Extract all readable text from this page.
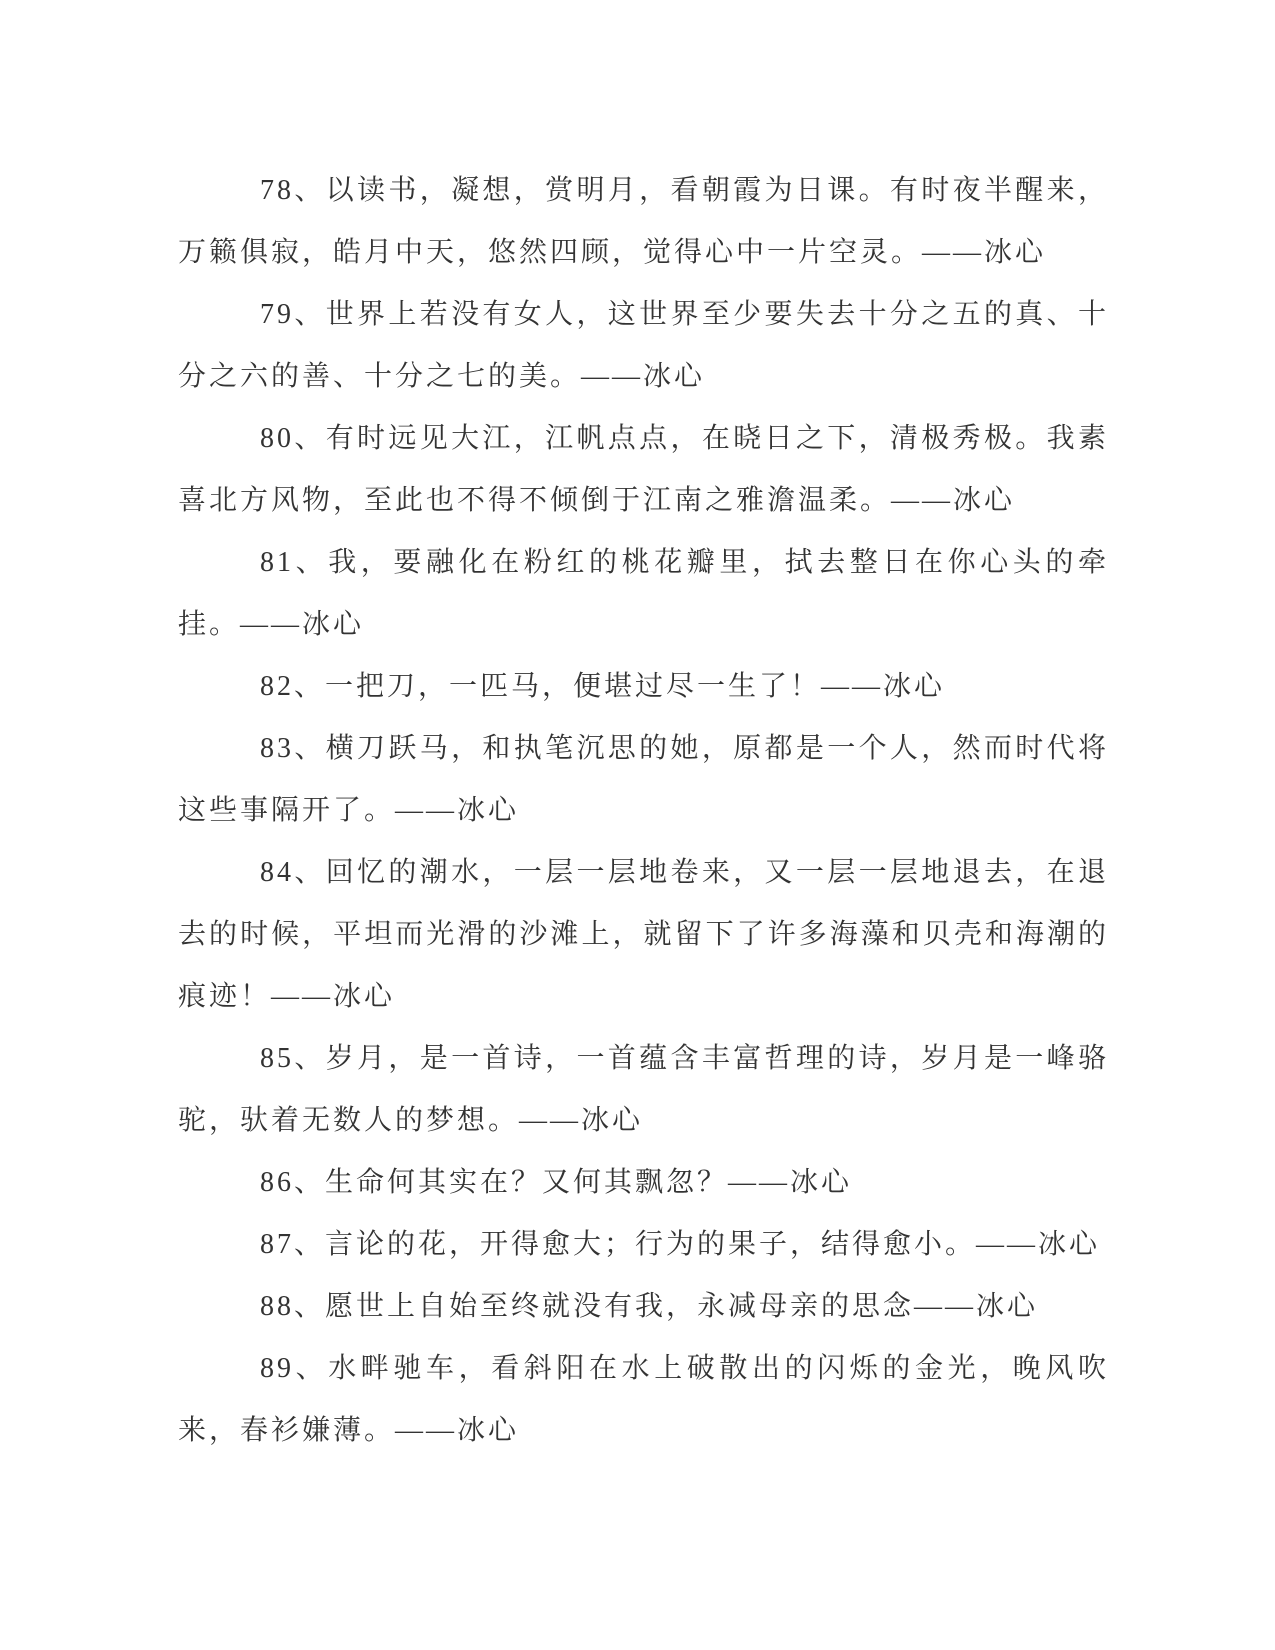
78、以读书，凝想，赏明月，看朝霞为日课。有时夜半醒来，万籁俱寂，皓月中天，悠然四顾，觉得心中一片空灵。——冰心

79、世界上若没有女人，这世界至少要失去十分之五的真、十分之六的善、十分之七的美。——冰心

80、有时远见大江，江帆点点，在晓日之下，清极秀极。我素喜北方风物，至此也不得不倾倒于江南之雅澹温柔。——冰心

81、我，要融化在粉红的桃花瓣里，拭去整日在你心头的牵挂。——冰心

82、一把刀，一匹马，便堪过尽一生了！——冰心

83、横刀跃马，和执笔沉思的她，原都是一个人，然而时代将这些事隔开了。——冰心

84、回忆的潮水，一层一层地卷来，又一层一层地退去，在退去的时候，平坦而光滑的沙滩上，就留下了许多海藻和贝壳和海潮的痕迹！——冰心

85、岁月，是一首诗，一首蕴含丰富哲理的诗，岁月是一峰骆驼，驮着无数人的梦想。——冰心

86、生命何其实在？又何其飘忽？——冰心

87、言论的花，开得愈大；行为的果子，结得愈小。——冰心

88、愿世上自始至终就没有我，永减母亲的思念——冰心

89、水畔驰车，看斜阳在水上破散出的闪烁的金光，晚风吹来，春衫嫌薄。——冰心
